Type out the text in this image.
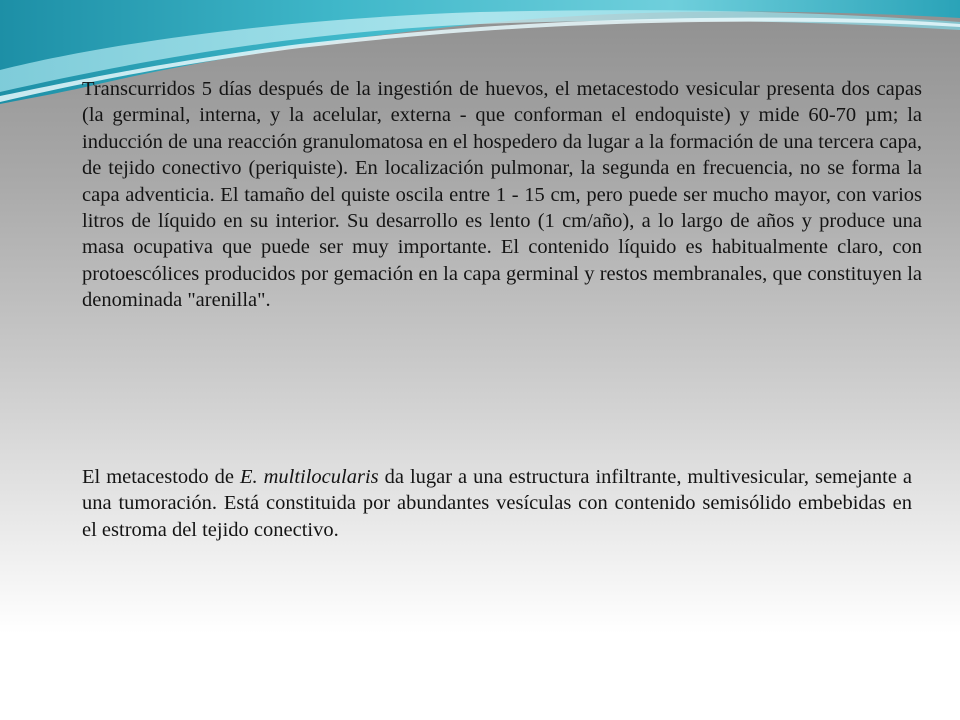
Transcurridos 5 días después de la ingestión de huevos, el metacestodo vesicular presenta dos capas (la germinal, interna, y la acelular, externa - que conforman el endoquiste) y mide 60-70 µm; la inducción de una reacción granulomatosa en el hospedero da lugar a la formación de una tercera capa, de tejido conectivo (periquiste). En localización pulmonar, la segunda en frecuencia, no se forma la capa adventicia. El tamaño del quiste oscila entre 1 - 15 cm, pero puede ser mucho mayor, con varios litros de líquido en su interior. Su desarrollo es lento (1 cm/año), a lo largo de años y produce una masa ocupativa que puede ser muy importante. El contenido líquido es habitualmente claro, con protoescólices producidos por gemación en la capa germinal y restos membranales, que constituyen la denominada "arenilla".

El metacestodo de E. multilocularis da lugar a una estructura infiltrante, multivesicular, semejante a una tumoración. Está constituida por abundantes vesículas con contenido semisólido embebidas en el estroma del tejido conectivo.
